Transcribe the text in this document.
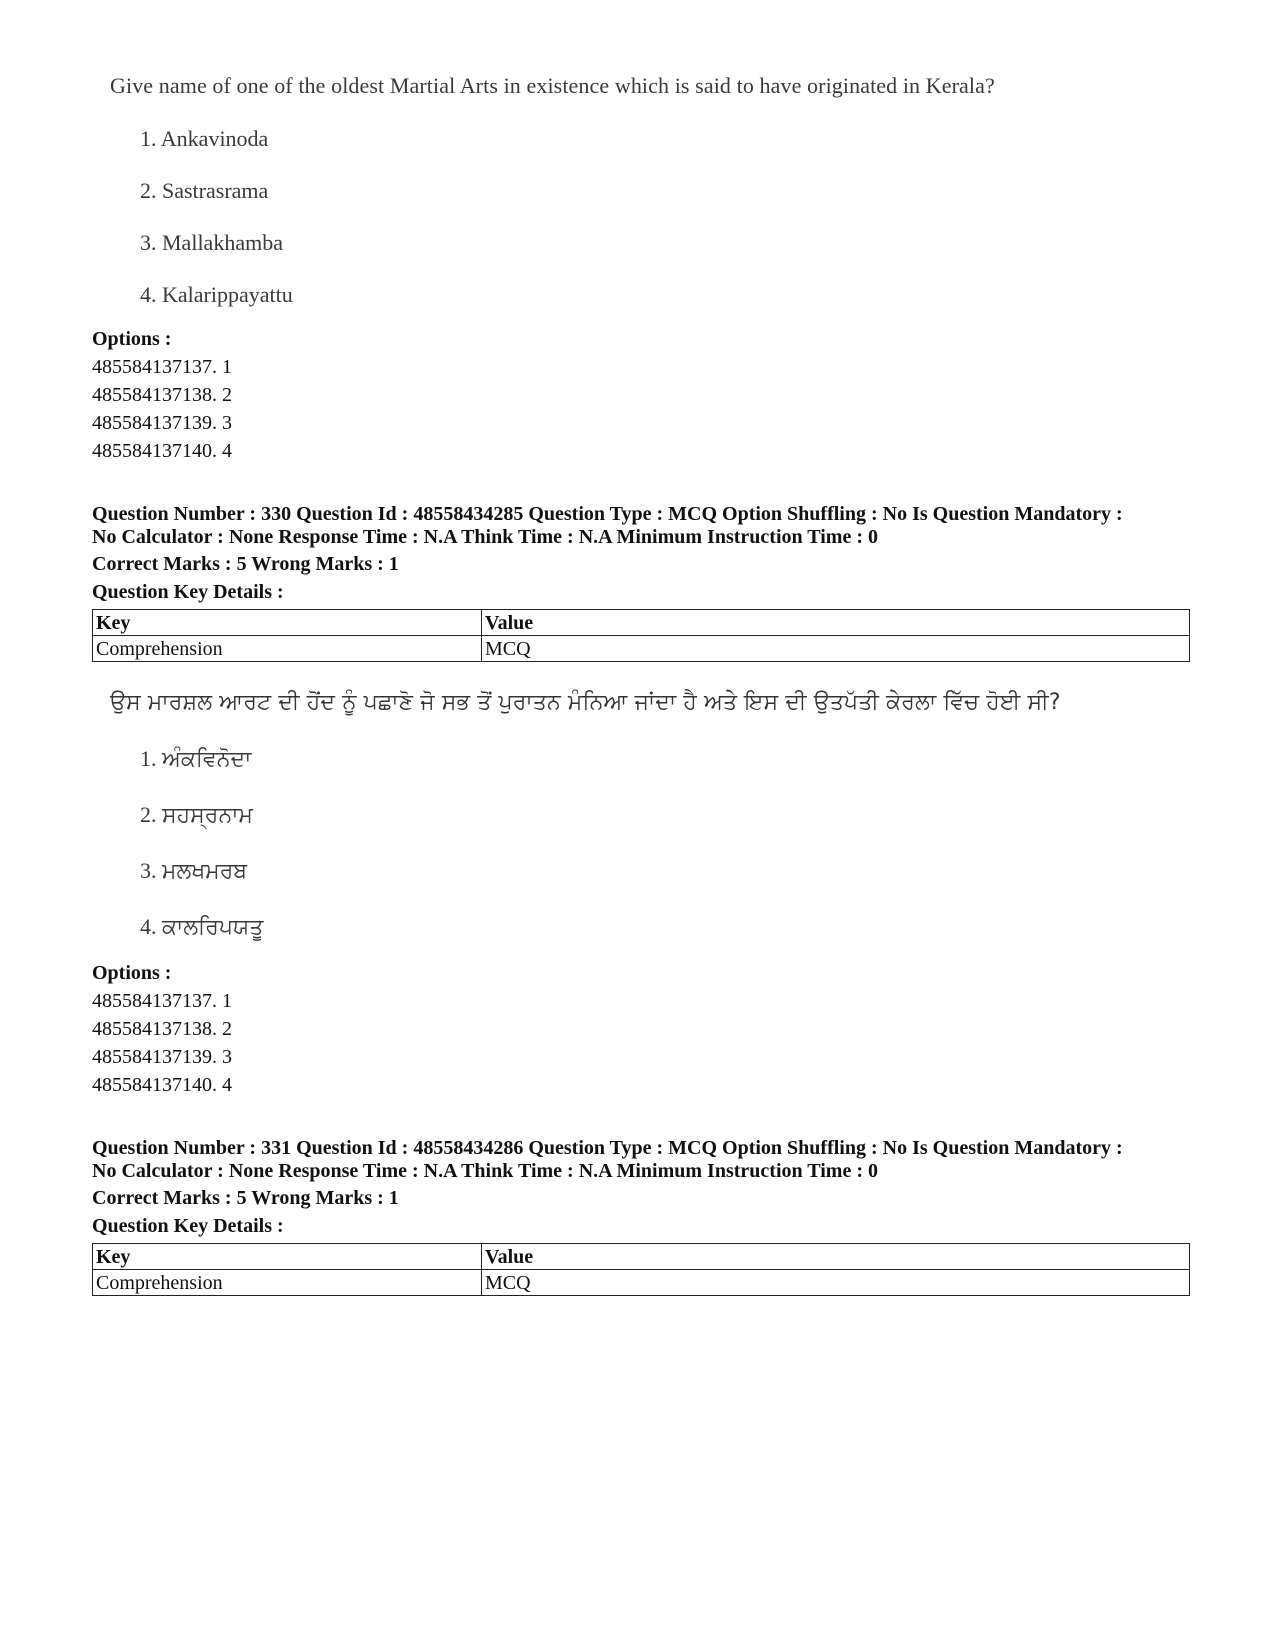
Give name of one of the oldest Martial Arts in existence which is said to have originated in Kerala?
1. Ankavinoda
2. Sastrasrama
3. Mallakhamba
4. Kalarippayattu
Options :
485584137137. 1
485584137138. 2
485584137139. 3
485584137140. 4
Question Number : 330 Question Id : 48558434285 Question Type : MCQ Option Shuffling : No Is Question Mandatory :
No Calculator : None Response Time : N.A Think Time : N.A Minimum Instruction Time : 0
Correct Marks : 5 Wrong Marks : 1
Question Key Details :
Key	Value
Comprehension	MCQ
ਉਸ ਮਾਰਸ਼ਲ ਆਰਟ ਦੀ ਹੋਂਦ ਨੂੰ ਪਛਾਣੋ ਜੋ ਸਭ ਤੋਂ ਪੁਰਾਤਨ ਮੰਨਿਆ ਜਾਂਦਾ ਹੈ ਅਤੇ ਇਸ ਦੀ ਉਤਪੱਤੀ ਕੇਰਲਾ ਵਿੱਚ ਹੋਈ ਸੀ?
1. ਅੰਕਵਿਨੋਦਾ
2. ਸਹਸ੍ਰਨਾਮ
3. ਮਲਖਮਰਬ
4. ਕਾਲਰਿਪਯਤੂ
Options :
485584137137. 1
485584137138. 2
485584137139. 3
485584137140. 4
Question Number : 331 Question Id : 48558434286 Question Type : MCQ Option Shuffling : No Is Question Mandatory :
No Calculator : None Response Time : N.A Think Time : N.A Minimum Instruction Time : 0
Correct Marks : 5 Wrong Marks : 1
Question Key Details :
Key	Value
Comprehension	MCQ
